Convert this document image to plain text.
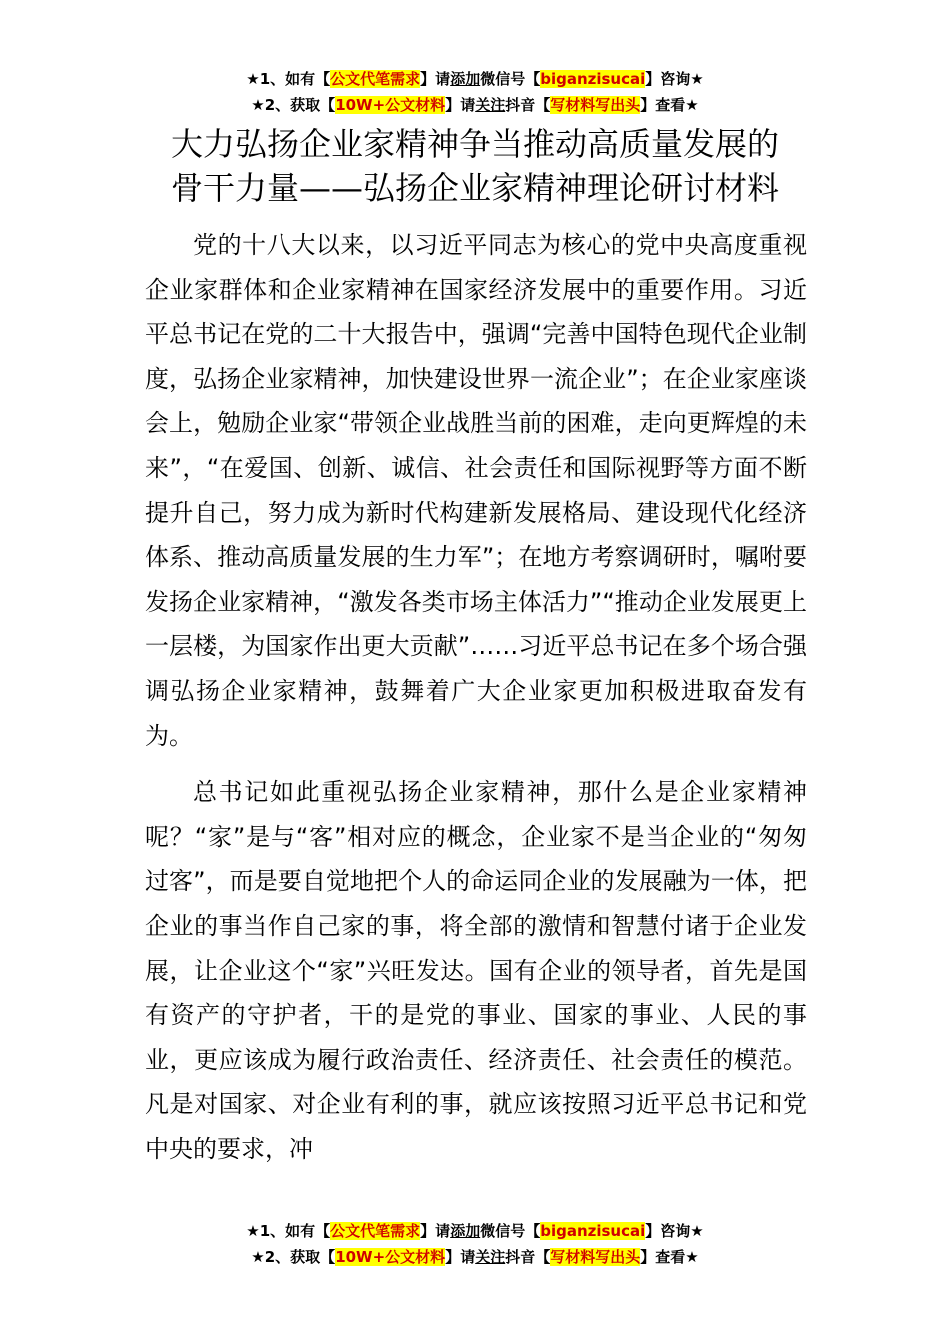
★1、如有【公文代笔需求】请添加微信号【biganzisucai】咨询★
★2、获取【10W+公文材料】请关注抖音【写材料写出头】查看★
大力弘扬企业家精神争当推动高质量发展的
骨干力量——弘扬企业家精神理论研讨材料

党的十八大以来，以习近平同志为核心的党中央高度重视企业家群体和企业家精神在国家经济发展中的重要作用。习近平总书记在党的二十大报告中，强调“完善中国特色现代企业制度，弘扬企业家精神，加快建设世界一流企业”；在企业家座谈会上，勉励企业家“带领企业战胜当前的困难，走向更辉煌的未来”，“在爱国、创新、诚信、社会责任和国际视野等方面不断提升自己，努力成为新时代构建新发展格局、建设现代化经济体系、推动高质量发展的生力军”；在地方考察调研时，嘱咐要发扬企业家精神，“激发各类市场主体活力”“推动企业发展更上一层楼，为国家作出更大贡献”……习近平总书记在多个场合强调弘扬企业家精神，鼓舞着广大企业家更加积极进取奋发有为。

总书记如此重视弘扬企业家精神，那什么是企业家精神呢？“家”是与“客”相对应的概念，企业家不是当企业的“匆匆过客”，而是要自觉地把个人的命运同企业的发展融为一体，把企业的事当作自己家的事，将全部的激情和智慧付诸于企业发展，让企业这个“家”兴旺发达。国有企业的领导者，首先是国有资产的守护者，干的是党的事业、国家的事业、人民的事业，更应该成为履行政治责任、经济责任、社会责任的模范。凡是对国家、对企业有利的事，就应该按照习近平总书记和党中央的要求，冲

★1、如有【公文代笔需求】请添加微信号【biganzisucai】咨询★
★2、获取【10W+公文材料】请关注抖音【写材料写出头】查看★
